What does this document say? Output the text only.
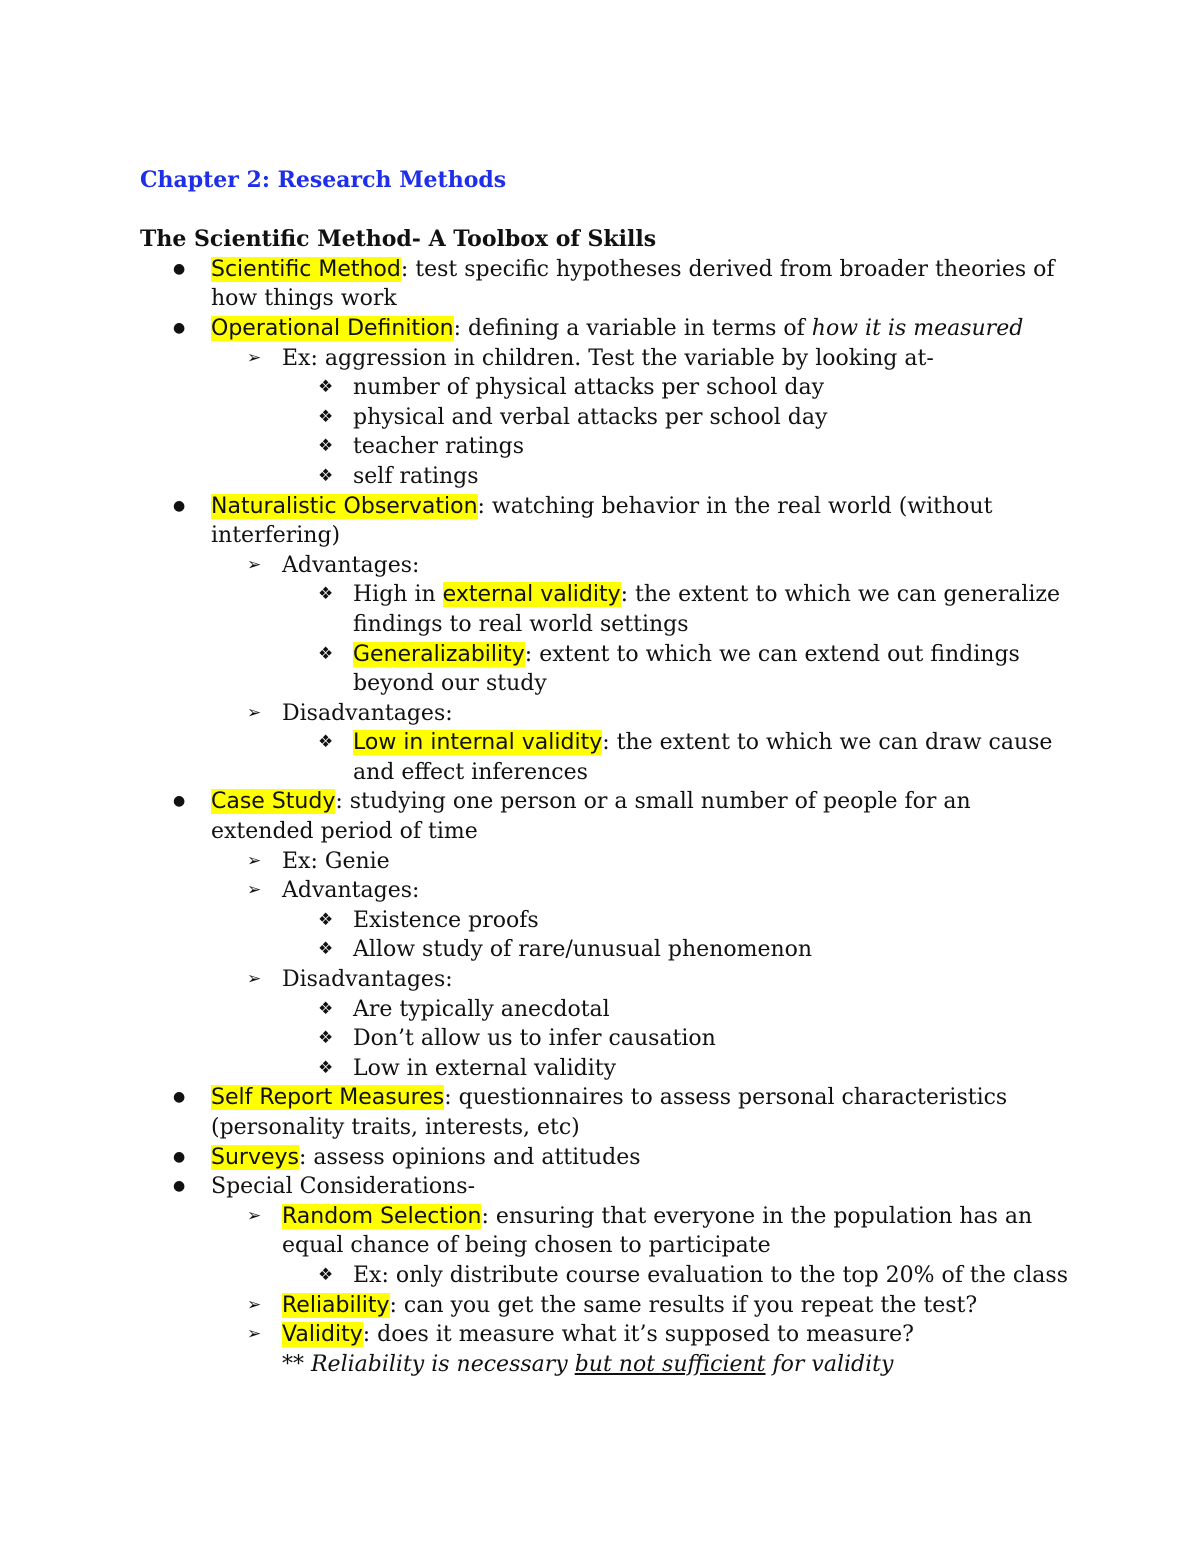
Chapter 2: Research Methods
The Scientific Method- A Toolbox of Skills
● Scientific Method: test specific hypotheses derived from broader theories of how things work
● Operational Definition: defining a variable in terms of how it is measured
➢ Ex: aggression in children. Test the variable by looking at-
❖ number of physical attacks per school day
❖ physical and verbal attacks per school day
❖ teacher ratings
❖ self ratings
● Naturalistic Observation: watching behavior in the real world (without interfering)
➢ Advantages:
❖ High in external validity: the extent to which we can generalize findings to real world settings
❖ Generalizability: extent to which we can extend out findings beyond our study
➢ Disadvantages:
❖ Low in internal validity: the extent to which we can draw cause and effect inferences
● Case Study: studying one person or a small number of people for an extended period of time
➢ Ex: Genie
➢ Advantages:
❖ Existence proofs
❖ Allow study of rare/unusual phenomenon
➢ Disadvantages:
❖ Are typically anecdotal
❖ Don’t allow us to infer causation
❖ Low in external validity
● Self Report Measures: questionnaires to assess personal characteristics (personality traits, interests, etc)
● Surveys: assess opinions and attitudes
● Special Considerations-
➢ Random Selection: ensuring that everyone in the population has an equal chance of being chosen to participate
❖ Ex: only distribute course evaluation to the top 20% of the class
➢ Reliability: can you get the same results if you repeat the test?
➢ Validity: does it measure what it’s supposed to measure?
** Reliability is necessary but not sufficient for validity
